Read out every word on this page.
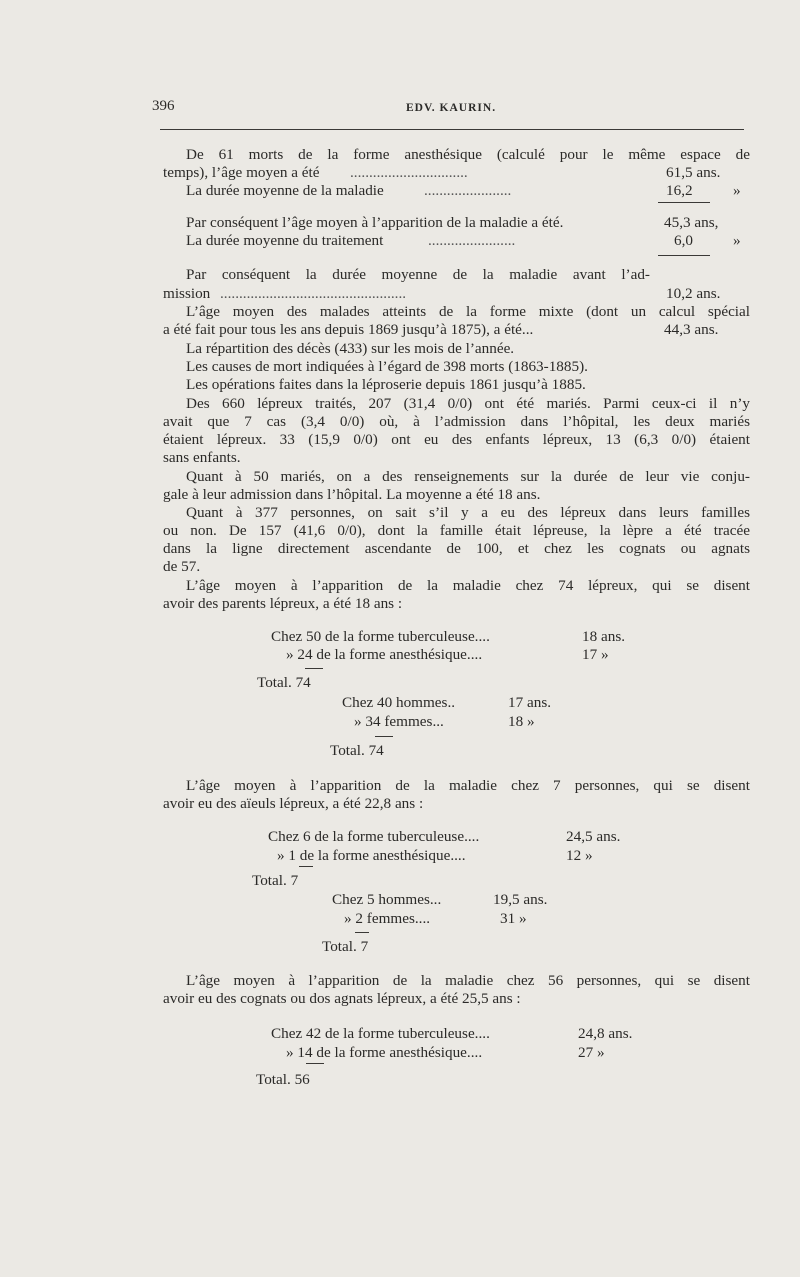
396	EDV. KAURIN.
De 61 morts de la forme anesthésique (calculé pour le même espace de
temps), l’âge moyen a été ...............................	61,5 ans.
La durée moyenne de la maladie	.......................	16,2	»
Par conséquent l’âge moyen à l’apparition de la maladie a été.	45,3 ans,
La durée moyenne du traitement	.......................	6,0	»
Par conséquent la durée moyenne de la maladie avant l’ad-
mission .................................................	10,2 ans.
L’âge moyen des malades atteints de la forme mixte (dont un calcul spécial
a été fait pour tous les ans depuis 1869 jusqu’à 1875), a été...	44,3 ans.
La répartition des décès (433) sur les mois de l’année.
Les causes de mort indiquées à l’égard de 398 morts (1863-1885).
Les opérations faites dans la léproserie depuis 1861 jusqu’à 1885.
Des 660 lépreux traités, 207 (31,4 0/0) ont été mariés. Parmi ceux-ci il n’y
avait que 7 cas (3,4 0/0) où, à l’admission dans l’hôpital, les deux mariés
étaient lépreux. 33 (15,9 0/0) ont eu des enfants lépreux, 13 (6,3 0/0) étaient
sans enfants.
Quant à 50 mariés, on a des renseignements sur la durée de leur vie conju-
gale à leur admission dans l’hôpital. La moyenne a été 18 ans.
Quant à 377 personnes, on sait s’il y a eu des lépreux dans leurs familles
ou non. De 157 (41,6 0/0), dont la famille était lépreuse, la lèpre a été tracée
dans la ligne directement ascendante de 100, et chez les cognats ou agnats
de 57.
L’âge moyen à l’apparition de la maladie chez 74 lépreux, qui se disent
avoir des parents lépreux, a été 18 ans :
Chez 50 de la forme tuberculeuse....	18 ans.
» 24 de la forme anesthésique....	17 »
Total. 74
Chez 40 hommes..	17 ans.
» 34 femmes...	18 »
Total. 74
L’âge moyen à l’apparition de la maladie chez 7 personnes, qui se disent
avoir eu des aïeuls lépreux, a été 22,8 ans :
Chez 6 de la forme tuberculeuse....	24,5 ans.
» 1 de la forme anesthésique....	12 »
Total. 7
Chez 5 hommes...	19,5 ans.
» 2 femmes....	31 »
Total. 7
L’âge moyen à l’apparition de la maladie chez 56 personnes, qui se disent
avoir eu des cognats ou dos agnats lépreux, a été 25,5 ans :
Chez 42 de la forme tuberculeuse....	24,8 ans.
» 14 de la forme anesthésique....	27 »
Total. 56
